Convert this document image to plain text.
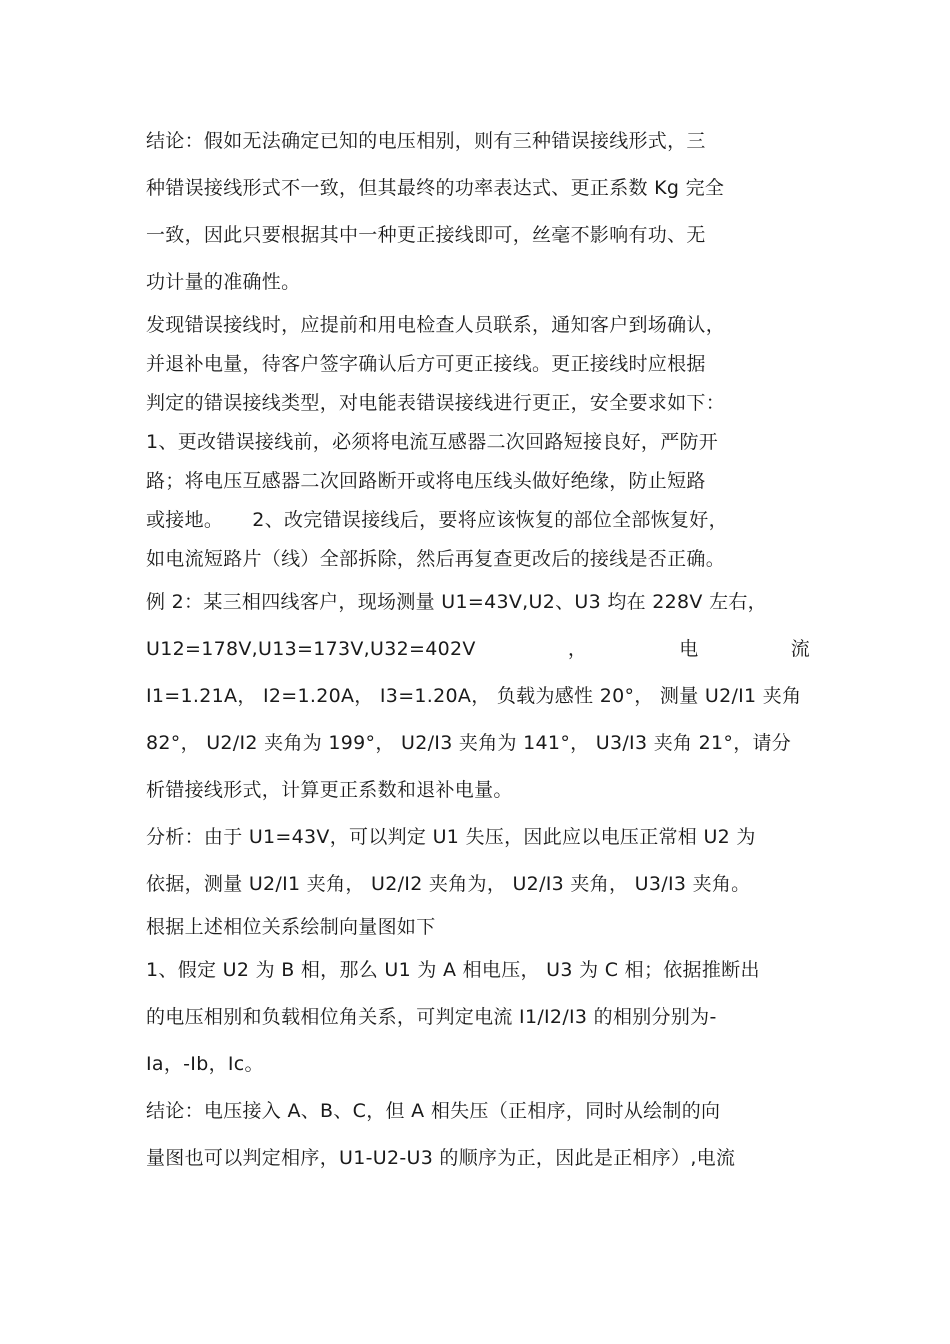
结论：假如无法确定已知的电压相别，则有三种错误接线形式，三
种错误接线形式不一致，但其最终的功率表达式、更正系数 Kg 完全
一致，因此只要根据其中一种更正接线即可，丝毫不影响有功、无
功计量的准确性。
发现错误接线时，应提前和用电检查人员联系，通知客户到场确认，
并退补电量，待客户签字确认后方可更正接线。更正接线时应根据
判定的错误接线类型，对电能表错误接线进行更正，安全要求如下：
1、更改错误接线前，必须将电流互感器二次回路短接良好，严防开
路；将电压互感器二次回路断开或将电压线头做好绝缘，防止短路
或接地。　　2、改完错误接线后，要将应该恢复的部位全部恢复好，
如电流短路片（线）全部拆除，然后再复查更改后的接线是否正确。
例 2：某三相四线客户，现场测量 U1=43V,U2、U3 均在 228V 左右，
U12=178V,U13=173V,U32=402V	，	电	流
I1=1.21A， I2=1.20A， I3=1.20A， 负载为感性 20°， 测量 U2/I1 夹角
82°， U2/I2 夹角为 199°， U2/I3 夹角为 141°， U3/I3 夹角 21°，请分
析错接线形式，计算更正系数和退补电量。
分析：由于 U1=43V，可以判定 U1 失压，因此应以电压正常相 U2 为
依据，测量 U2/I1 夹角， U2/I2 夹角为， U2/I3 夹角， U3/I3 夹角。
根据上述相位关系绘制向量图如下
1、假定 U2 为 B 相，那么 U1 为 A 相电压， U3 为 C 相；依据推断出
的电压相别和负载相位角关系，可判定电流 I1/I2/I3 的相别分别为-
Ia，-Ib，Ic。
结论：电压接入 A、B、C，但 A 相失压（正相序，同时从绘制的向
量图也可以判定相序，U1-U2-U3 的顺序为正，因此是正相序）,电流
